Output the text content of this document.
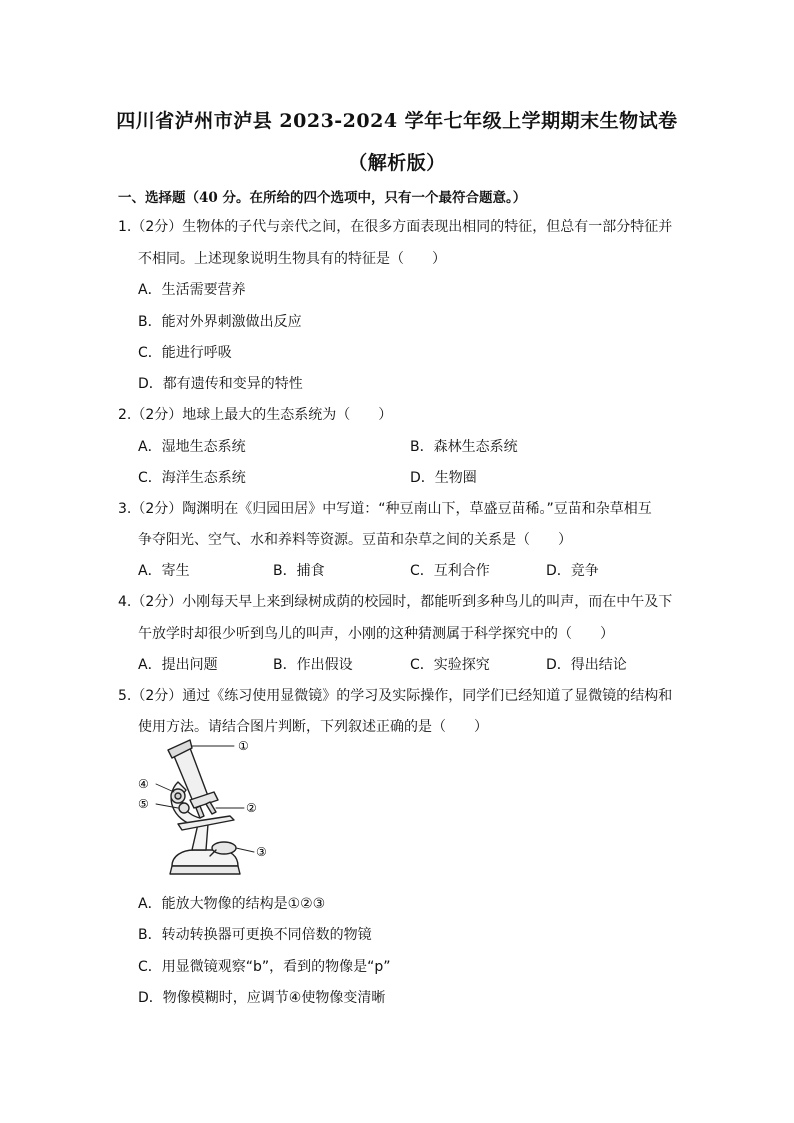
四川省泸州市泸县 2023-2024 学年七年级上学期期末生物试卷
（解析版）
一、选择题（40 分。在所给的四个选项中，只有一个最符合题意。）
1.（2分）生物体的子代与亲代之间，在很多方面表现出相同的特征，但总有一部分特征并
不相同。上述现象说明生物具有的特征是（　　）
A．生活需要营养
B．能对外界刺激做出反应
C．能进行呼吸
D．都有遗传和变异的特性
2.（2分）地球上最大的生态系统为（　　）
A．湿地生态系统	B．森林生态系统
C．海洋生态系统	D．生物圈
3.（2分）陶渊明在《归园田居》中写道：“种豆南山下，草盛豆苗稀。”豆苗和杂草相互
争夺阳光、空气、水和养料等资源。豆苗和杂草之间的关系是（　　）
A．寄生	B．捕食	C．互利合作	D．竞争
4.（2分）小刚每天早上来到绿树成荫的校园时，都能听到多种鸟儿的叫声，而在中午及下
午放学时却很少听到鸟儿的叫声，小刚的这种猜测属于科学探究中的（　　）
A．提出问题	B．作出假设	C．实验探究	D．得出结论
5.（2分）通过《练习使用显微镜》的学习及实际操作，同学们已经知道了显微镜的结构和
使用方法。请结合图片判断，下列叙述正确的是（　　）
①
②
③
④
⑤
A．能放大物像的结构是①②③
B．转动转换器可更换不同倍数的物镜
C．用显微镜观察“b”，看到的物像是“p”
D．物像模糊时，应调节④使物像变清晰
